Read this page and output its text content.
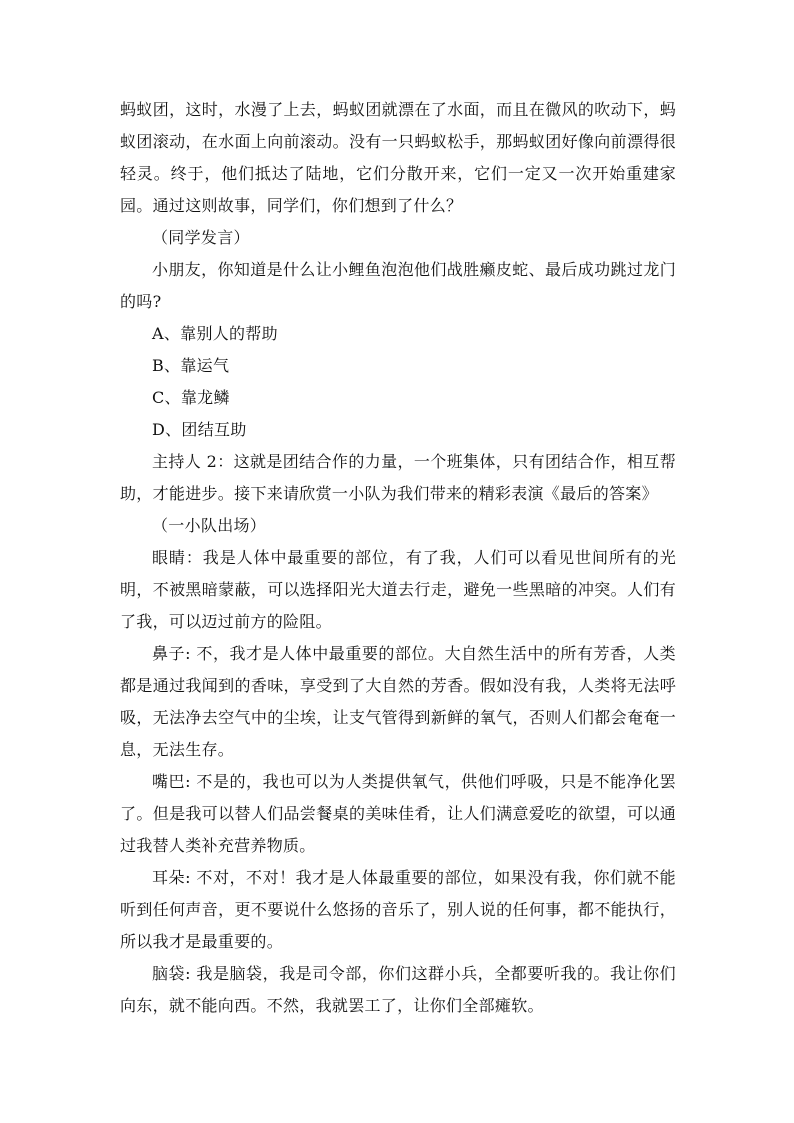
蚂蚁团，这时，水漫了上去，蚂蚁团就漂在了水面，而且在微风的吹动下，蚂蚁团滚动，在水面上向前滚动。没有一只蚂蚁松手，那蚂蚁团好像向前漂得很轻灵。终于，他们抵达了陆地，它们分散开来，它们一定又一次开始重建家园。通过这则故事，同学们，你们想到了什么？

（同学发言）

小朋友，你知道是什么让小鲤鱼泡泡他们战胜癞皮蛇、最后成功跳过龙门的吗?

A、靠别人的帮助

B、靠运气

C、靠龙鳞

D、团结互助

主持人 2：这就是团结合作的力量，一个班集体，只有团结合作，相互帮助，才能进步。接下来请欣赏一小队为我们带来的精彩表演《最后的答案》

（一小队出场）

眼睛：我是人体中最重要的部位，有了我，人们可以看见世间所有的光明，不被黑暗蒙蔽，可以选择阳光大道去行走，避免一些黑暗的冲突。人们有了我，可以迈过前方的险阻。

鼻子: 不，我才是人体中最重要的部位。大自然生活中的所有芳香，人类都是通过我闻到的香味，享受到了大自然的芳香。假如没有我，人类将无法呼吸，无法净去空气中的尘埃，让支气管得到新鲜的氧气，否则人们都会奄奄一息，无法生存。

嘴巴: 不是的，我也可以为人类提供氧气，供他们呼吸，只是不能净化罢了。但是我可以替人们品尝餐桌的美味佳肴，让人们满意爱吃的欲望，可以通过我替人类补充营养物质。

耳朵: 不对，不对！我才是人体最重要的部位，如果没有我，你们就不能听到任何声音，更不要说什么悠扬的音乐了，别人说的任何事，都不能执行，所以我才是最重要的。

脑袋: 我是脑袋，我是司令部，你们这群小兵，全都要听我的。我让你们向东，就不能向西。不然，我就罢工了，让你们全部瘫软。
